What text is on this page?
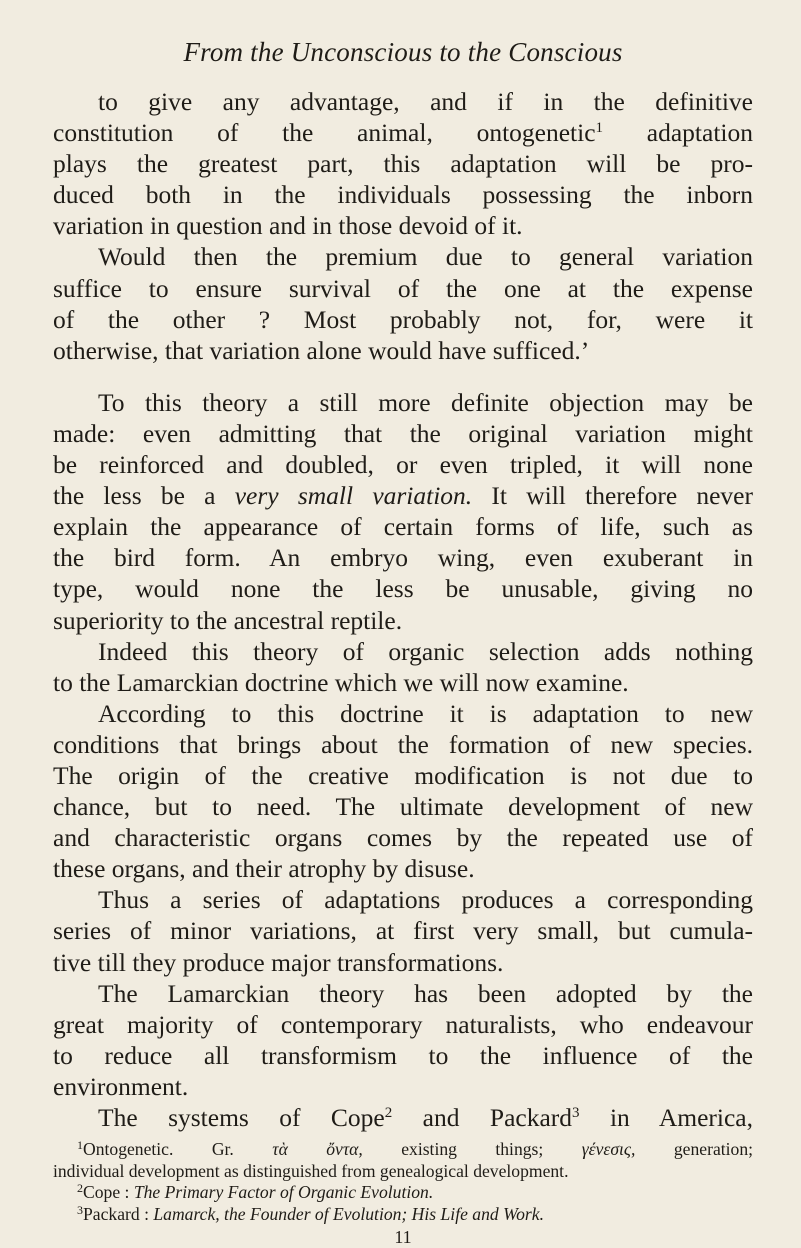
From the Unconscious to the Conscious
to give any advantage, and if in the definitive
constitution of the animal, ontogenetic$^1$ adaptation
plays the greatest part, this adaptation will be pro-
duced both in the individuals possessing the inborn
variation in question and in those devoid of it.
Would then the premium due to general variation
suffice to ensure survival of the one at the expense
of the other ? Most probably not, for, were it
otherwise, that variation alone would have sufficed.’
To this theory a still more definite objection may be
made: even admitting that the original variation might
be reinforced and doubled, or even tripled, it will none
the less be a very small variation. It will therefore never
explain the appearance of certain forms of life, such as
the bird form. An embryo wing, even exuberant in
type, would none the less be unusable, giving no
superiority to the ancestral reptile.
Indeed this theory of organic selection adds nothing
to the Lamarckian doctrine which we will now examine.
According to this doctrine it is adaptation to new
conditions that brings about the formation of new species.
The origin of the creative modification is not due to
chance, but to need. The ultimate development of new
and characteristic organs comes by the repeated use of
these organs, and their atrophy by disuse.
Thus a series of adaptations produces a corresponding
series of minor variations, at first very small, but cumula-
tive till they produce major transformations.
The Lamarckian theory has been adopted by the
great majority of contemporary naturalists, who endeavour
to reduce all transformism to the influence of the
environment.
The systems of Cope$^2$ and Packard$^3$ in America,
$^1$Ontogenetic. Gr. τὰ ὄντα, existing things; γένεσις, generation;
individual development as distinguished from genealogical development.
$^2$Cope : The Primary Factor of Organic Evolution.
$^3$Packard : Lamarck, the Founder of Evolution; His Life and Work.
11
